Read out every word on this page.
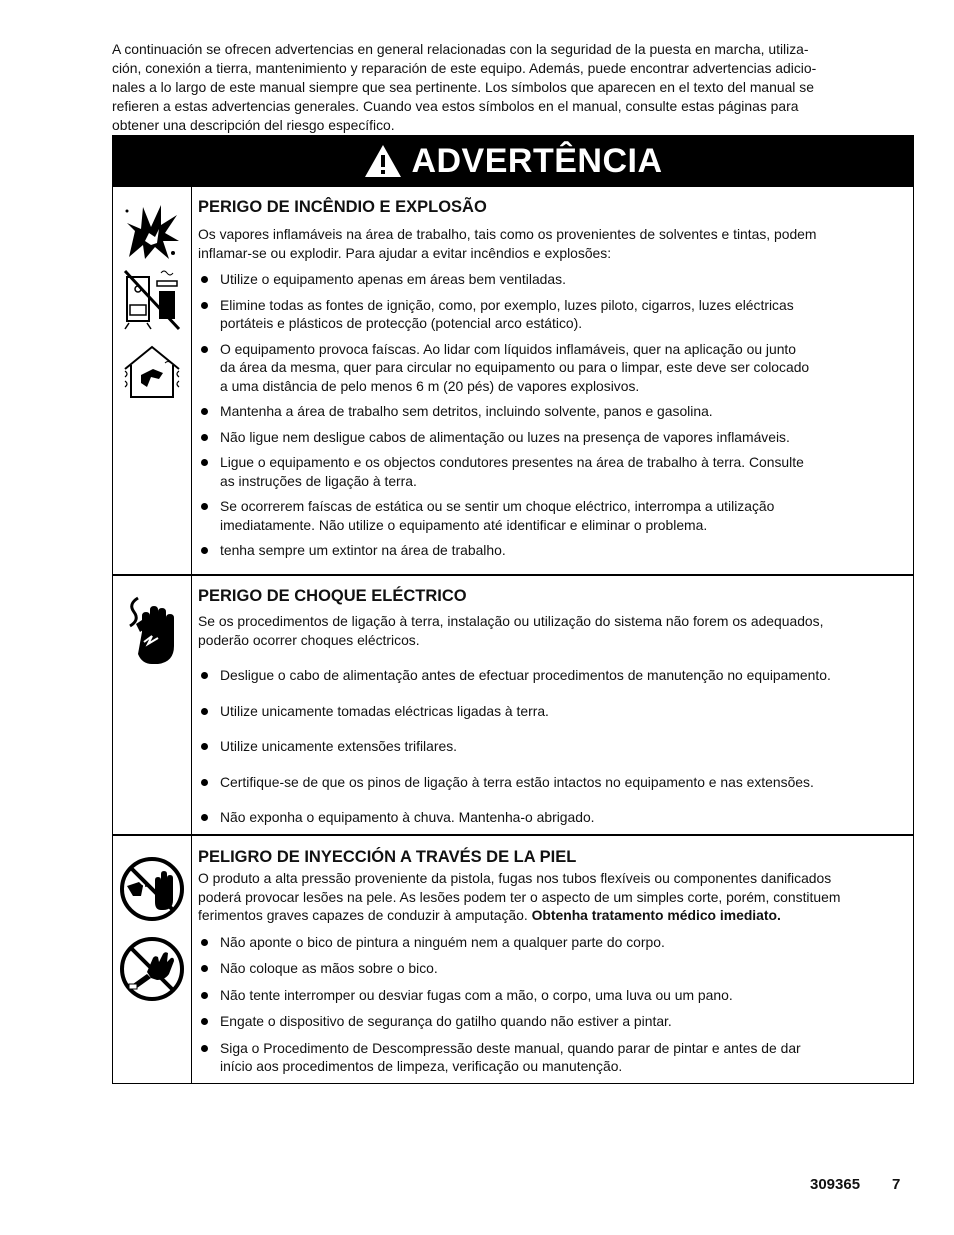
A continuación se ofrecen advertencias en general relacionadas con la seguridad de la puesta en marcha, utiliza-
ción, conexión a tierra, mantenimiento y reparación de este equipo. Además, puede encontrar advertencias adicio-
nales a lo largo de este manual siempre que sea pertinente. Los símbolos que aparecen en el texto del manual se
refieren a estas advertencias generales. Cuando vea estos símbolos en el manual, consulte estas páginas para
obtener una descripción del riesgo específico.
ADVERTÊNCIA
PERIGO DE INCÊNDIO E EXPLOSÃO
Os vapores inflamáveis na área de trabalho, tais como os provenientes de solventes e tintas, podem
inflamar-se ou explodir. Para ajudar a evitar incêndios e explosões:
Utilize o equipamento apenas em áreas bem ventiladas.
Elimine todas as fontes de ignição, como, por exemplo, luzes piloto, cigarros, luzes eléctricas
portáteis e plásticos de protecção (potencial arco estático).
O equipamento provoca faíscas. Ao lidar com líquidos inflamáveis, quer na aplicação ou junto
da área da mesma, quer para circular no equipamento ou para o limpar, este deve ser colocado
a uma distância de pelo menos 6 m (20 pés) de vapores explosivos.
Mantenha a área de trabalho sem detritos, incluindo solvente, panos e gasolina.
Não ligue nem desligue cabos de alimentação ou luzes na presença de vapores inflamáveis.
Ligue o equipamento e os objectos condutores presentes na área de trabalho à terra. Consulte
as instruções de ligação à terra.
Se ocorrerem faíscas de estática ou se sentir um choque eléctrico, interrompa a utilização
imediatamente. Não utilize o equipamento até identificar e eliminar o problema.
tenha sempre um extintor na área de trabalho.
PERIGO DE CHOQUE ELÉCTRICO
Se os procedimentos de ligação à terra, instalação ou utilização do sistema não forem os adequados,
poderão ocorrer choques eléctricos.
Desligue o cabo de alimentação antes de efectuar procedimentos de manutenção no equipamento.
Utilize unicamente tomadas eléctricas ligadas à terra.
Utilize unicamente extensões trifilares.
Certifique-se de que os pinos de ligação à terra estão intactos no equipamento e nas extensões.
Não exponha o equipamento à chuva. Mantenha-o abrigado.
PELIGRO DE INYECCIÓN A TRAVÉS DE LA PIEL
O produto a alta pressão proveniente da pistola, fugas nos tubos flexíveis ou componentes danificados
poderá provocar lesões na pele. As lesões podem ter o aspecto de um simples corte, porém, constituem
ferimentos graves capazes de conduzir à amputação. Obtenha tratamento médico imediato.
Não aponte o bico de pintura a ninguém nem a qualquer parte do corpo.
Não coloque as mãos sobre o bico.
Não tente interromper ou desviar fugas com a mão, o corpo, uma luva ou um pano.
Engate o dispositivo de segurança do gatilho quando não estiver a pintar.
Siga o Procedimento de Descompressão deste manual, quando parar de pintar e antes de dar
início aos procedimentos de limpeza, verificação ou manutenção.
309365 7
